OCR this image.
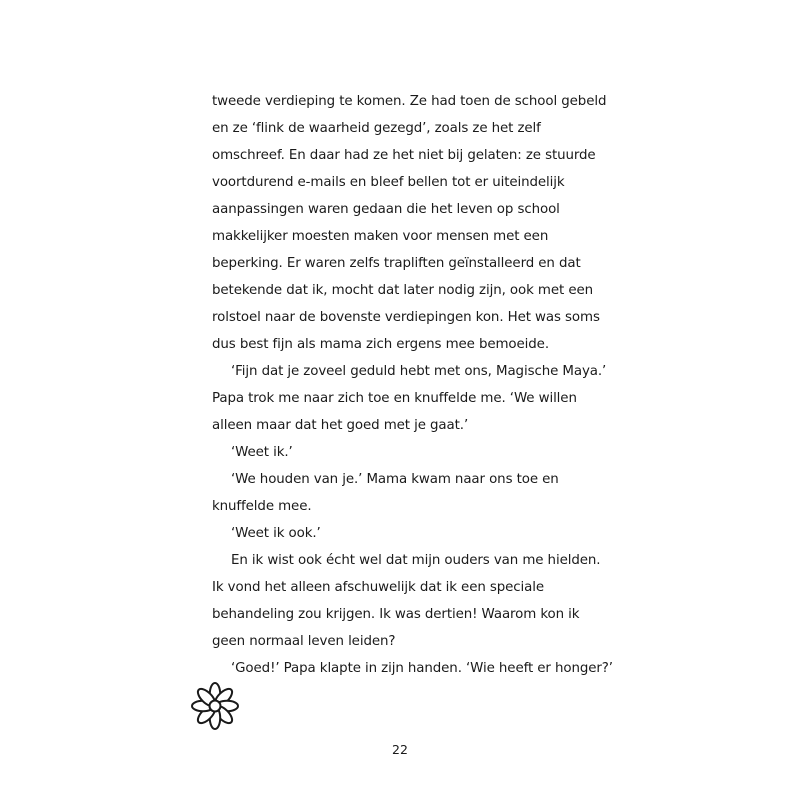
tweede verdieping te komen. Ze had toen de school gebeld
en ze ‘flink de waarheid gezegd’, zoals ze het zelf
omschreef. En daar had ze het niet bij gelaten: ze stuurde
voortdurend e-mails en bleef bellen tot er uiteindelijk
aanpassingen waren gedaan die het leven op school
makkelijker moesten maken voor mensen met een
beperking. Er waren zelfs trapliften geïnstalleerd en dat
betekende dat ik, mocht dat later nodig zijn, ook met een
rolstoel naar de bovenste verdiepingen kon. Het was soms
dus best fijn als mama zich ergens mee bemoeide.
‘Fijn dat je zoveel geduld hebt met ons, Magische Maya.’
Papa trok me naar zich toe en knuffelde me. ‘We willen
alleen maar dat het goed met je gaat.’
‘Weet ik.’
‘We houden van je.’ Mama kwam naar ons toe en
knuffelde mee.
‘Weet ik ook.’
En ik wist ook écht wel dat mijn ouders van me hielden.
Ik vond het alleen afschuwelijk dat ik een speciale
behandeling zou krijgen. Ik was dertien! Waarom kon ik
geen normaal leven leiden?
‘Goed!’ Papa klapte in zijn handen. ‘Wie heeft er honger?’
22
